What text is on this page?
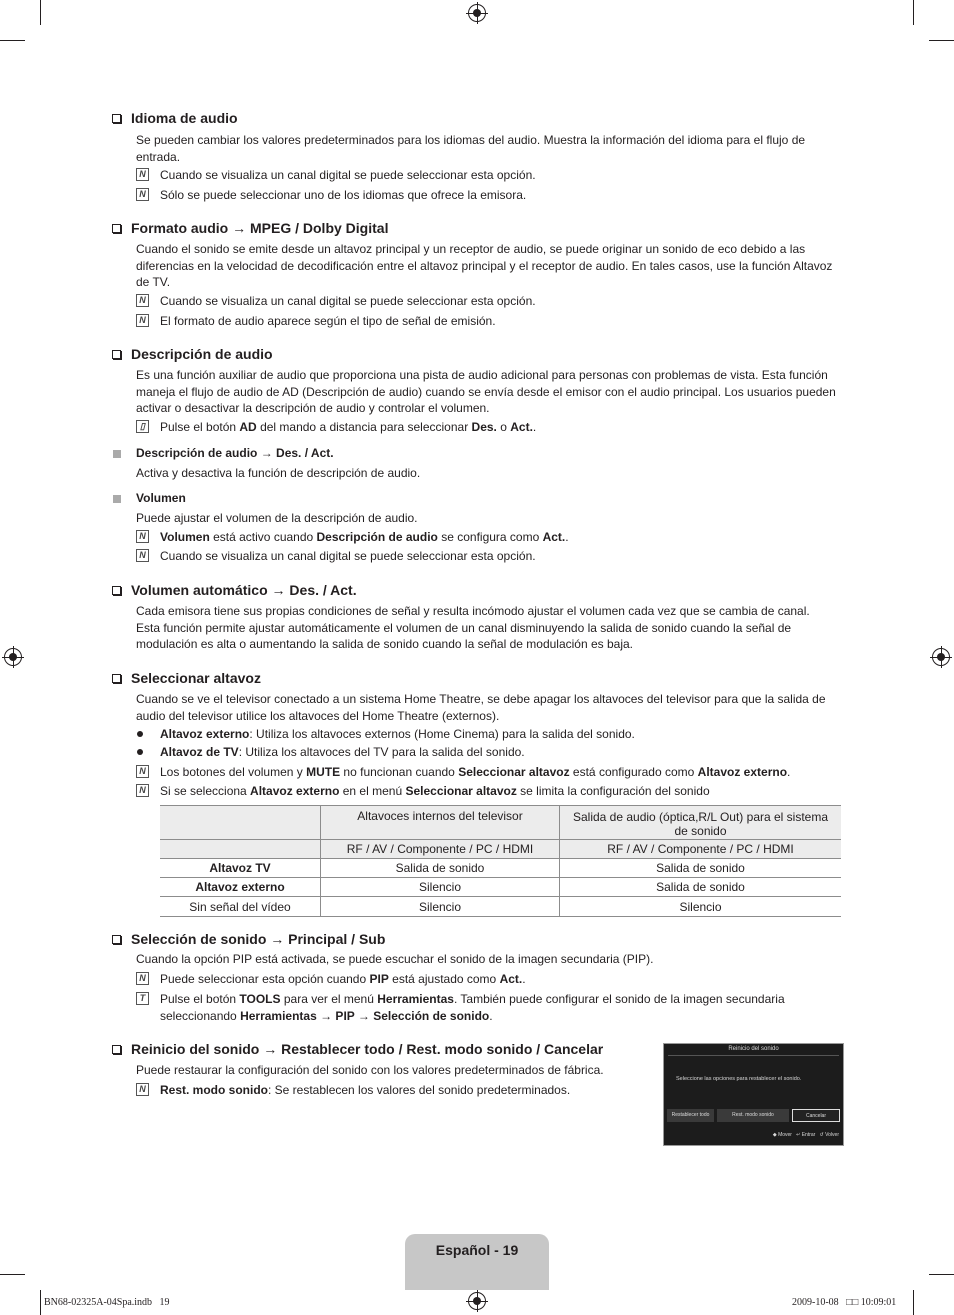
Idioma de audio
Se pueden cambiar los valores predeterminados para los idiomas del audio. Muestra la información del idioma para el flujo de entrada.
N Cuando se visualiza un canal digital se puede seleccionar esta opción.
N Sólo se puede seleccionar uno de los idiomas que ofrece la emisora.
Formato audio → MPEG / Dolby Digital
Cuando el sonido se emite desde un altavoz principal y un receptor de audio, se puede originar un sonido de eco debido a las diferencias en la velocidad de decodificación entre el altavoz principal y el receptor de audio. En tales casos, use la función Altavoz de TV.
N Cuando se visualiza un canal digital se puede seleccionar esta opción.
N El formato de audio aparece según el tipo de señal de emisión.
Descripción de audio
Es una función auxiliar de audio que proporciona una pista de audio adicional para personas con problemas de vista. Esta función maneja el flujo de audio de AD (Descripción de audio) cuando se envía desde el emisor con el audio principal. Los usuarios pueden activar o desactivar la descripción de audio y controlar el volumen.
▯	Pulse el botón AD del mando a distancia para seleccionar Des. o Act..
Descripción de audio → Des. / Act.
Activa y desactiva la función de descripción de audio.
Volumen
Puede ajustar el volumen de la descripción de audio.
N Volumen está activo cuando Descripción de audio se configura como Act..
N Cuando se visualiza un canal digital se puede seleccionar esta opción.
Volumen automático → Des. / Act.
Cada emisora tiene sus propias condiciones de señal y resulta incómodo ajustar el volumen cada vez que se cambia de canal. Esta función permite ajustar automáticamente el volumen de un canal disminuyendo la salida de sonido cuando la señal de modulación es alta o aumentando la salida de sonido cuando la señal de modulación es baja.
Seleccionar altavoz
Cuando se ve el televisor conectado a un sistema Home Theatre, se debe apagar los altavoces del televisor para que la salida de audio del televisor utilice los altavoces del Home Theatre (externos).
Altavoz externo: Utiliza los altavoces externos (Home Cinema) para la salida del sonido.
Altavoz de TV: Utiliza los altavoces del TV para la salida del sonido.
N Los botones del volumen y MUTE no funcionan cuando Seleccionar altavoz está configurado como Altavoz externo.
N Si se selecciona Altavoz externo en el menú Seleccionar altavoz se limita la configuración del sonido
	Altavoces internos del televisor	Salida de audio (óptica,R/L Out) para el sistema de sonido
	RF / AV / Componente / PC / HDMI	RF / AV / Componente / PC / HDMI
Altavoz TV	Salida de sonido	Salida de sonido
Altavoz externo	Silencio	Salida de sonido
Sin señal del vídeo	Silencio	Silencio
Selección de sonido → Principal / Sub
Cuando la opción PIP está activada, se puede escuchar el sonido de la imagen secundaria (PIP).
N Puede seleccionar esta opción cuando PIP está ajustado como Act..
T	Pulse el botón TOOLS para ver el menú Herramientas. También puede configurar el sonido de la imagen secundaria
seleccionando Herramientas → PIP → Selección de sonido.
Reinicio del sonido → Restablecer todo / Rest. modo sonido / Cancelar
Puede restaurar la configuración del sonido con los valores predeterminados de fábrica.
N Rest. modo sonido: Se restablecen los valores del sonido predeterminados.
Reinicio del sonido
Seleccione las opciones para restablecer el sonido.
Restablecer todo	Rest. modo sonido	Cancelar
◆ Mover ↵ Entrar ↺ Volver
Español - 19
BN68-02325A-04Spa.indb   19	2009-10-08   □□ 10:09:01
